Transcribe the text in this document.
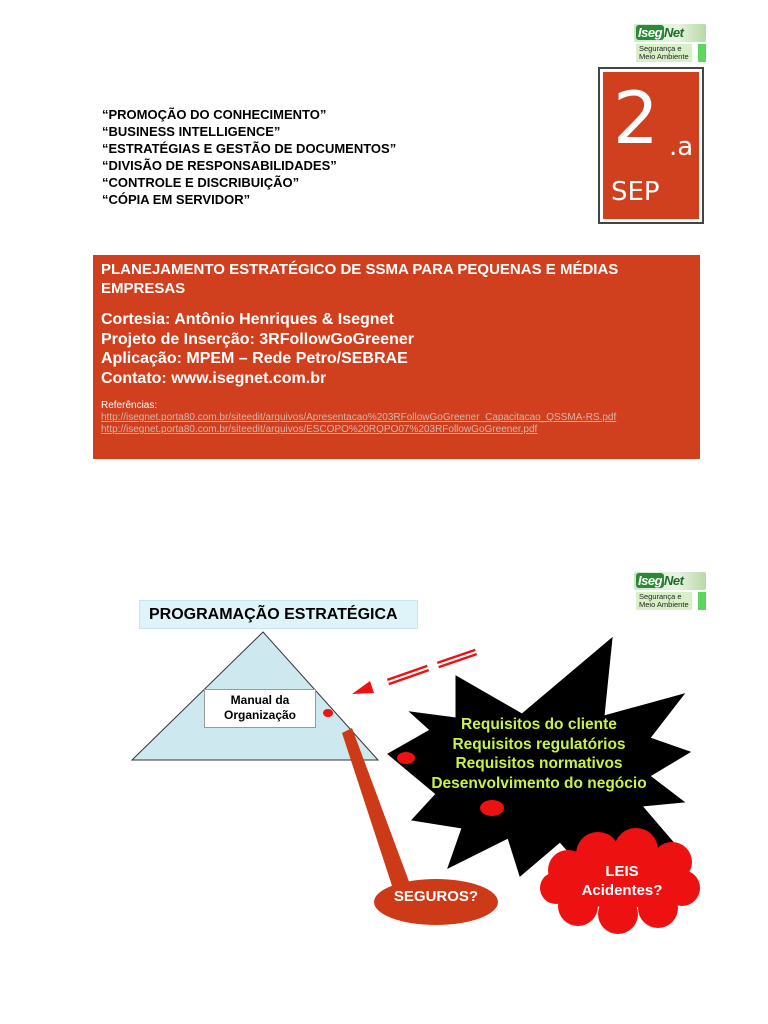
Iseg Net
Segurança e
Meio Ambiente
“PROMOÇÃO DO CONHECIMENTO”
“BUSINESS INTELLIGENCE”
“ESTRATÉGIAS E GESTÃO DE DOCUMENTOS”
“DIVISÃO DE RESPONSABILIDADES”
“CONTROLE E DISCRIBUIÇÃO”
“CÓPIA EM SERVIDOR”
2 .a
SEP
PLANEJAMENTO ESTRATÉGICO DE SSMA PARA PEQUENAS E MÉDIAS EMPRESAS
Cortesia: Antônio Henriques & Isegnet
Projeto de Inserção: 3RFollowGoGreener
Aplicação: MPEM – Rede Petro/SEBRAE
Contato: www.isegnet.com.br
Referências:
http://isegnet.porta80.com.br/siteedit/arquivos/Apresentacao%203RFollowGoGreener_Capacitacao_QSSMA-RS.pdf
http://isegnet.porta80.com.br/siteedit/arquivos/ESCOPO%20RQPO07%203RFollowGoGreener.pdf
Iseg Net
Segurança e
Meio Ambiente
PROGRAMAÇÃO ESTRATÉGICA
Manual da
Organização
Requisitos do cliente
Requisitos regulatórios
Requisitos normativos
Desenvolvimento do negócio
SEGUROS?
LEIS
Acidentes?
